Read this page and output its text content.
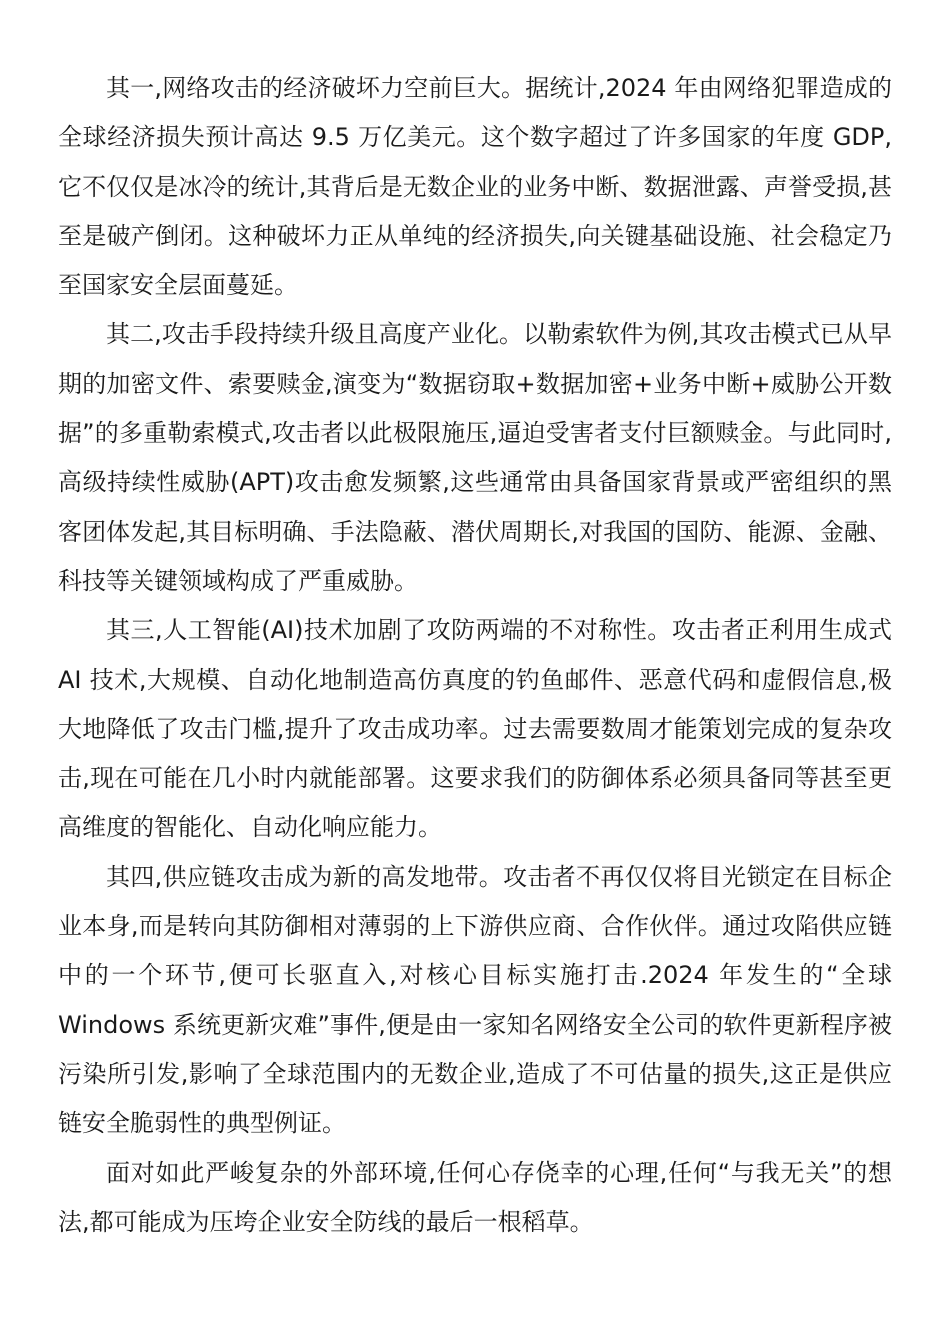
其一,网络攻击的经济破坏力空前巨大。据统计,2024 年由网络犯罪造成的全球经济损失预计高达 9.5 万亿美元。这个数字超过了许多国家的年度 GDP,它不仅仅是冰冷的统计,其背后是无数企业的业务中断、数据泄露、声誉受损,甚至是破产倒闭。这种破坏力正从单纯的经济损失,向关键基础设施、社会稳定乃至国家安全层面蔓延。

其二,攻击手段持续升级且高度产业化。以勒索软件为例,其攻击模式已从早期的加密文件、索要赎金,演变为“数据窃取+数据加密+业务中断+威胁公开数据”的多重勒索模式,攻击者以此极限施压,逼迫受害者支付巨额赎金。与此同时,高级持续性威胁(APT)攻击愈发频繁,这些通常由具备国家背景或严密组织的黑客团体发起,其目标明确、手法隐蔽、潜伏周期长,对我国的国防、能源、金融、科技等关键领域构成了严重威胁。

其三,人工智能(AI)技术加剧了攻防两端的不对称性。攻击者正利用生成式 AI 技术,大规模、自动化地制造高仿真度的钓鱼邮件、恶意代码和虚假信息,极大地降低了攻击门槛,提升了攻击成功率。过去需要数周才能策划完成的复杂攻击,现在可能在几小时内就能部署。这要求我们的防御体系必须具备同等甚至更高维度的智能化、自动化响应能力。

其四,供应链攻击成为新的高发地带。攻击者不再仅仅将目光锁定在目标企业本身,而是转向其防御相对薄弱的上下游供应商、合作伙伴。通过攻陷供应链中的一个环节,便可长驱直入,对核心目标实施打击.2024 年发生的“全球 Windows 系统更新灾难”事件,便是由一家知名网络安全公司的软件更新程序被污染所引发,影响了全球范围内的无数企业,造成了不可估量的损失,这正是供应链安全脆弱性的典型例证。

面对如此严峻复杂的外部环境,任何心存侥幸的心理,任何“与我无关”的想法,都可能成为压垮企业安全防线的最后一根稻草。
